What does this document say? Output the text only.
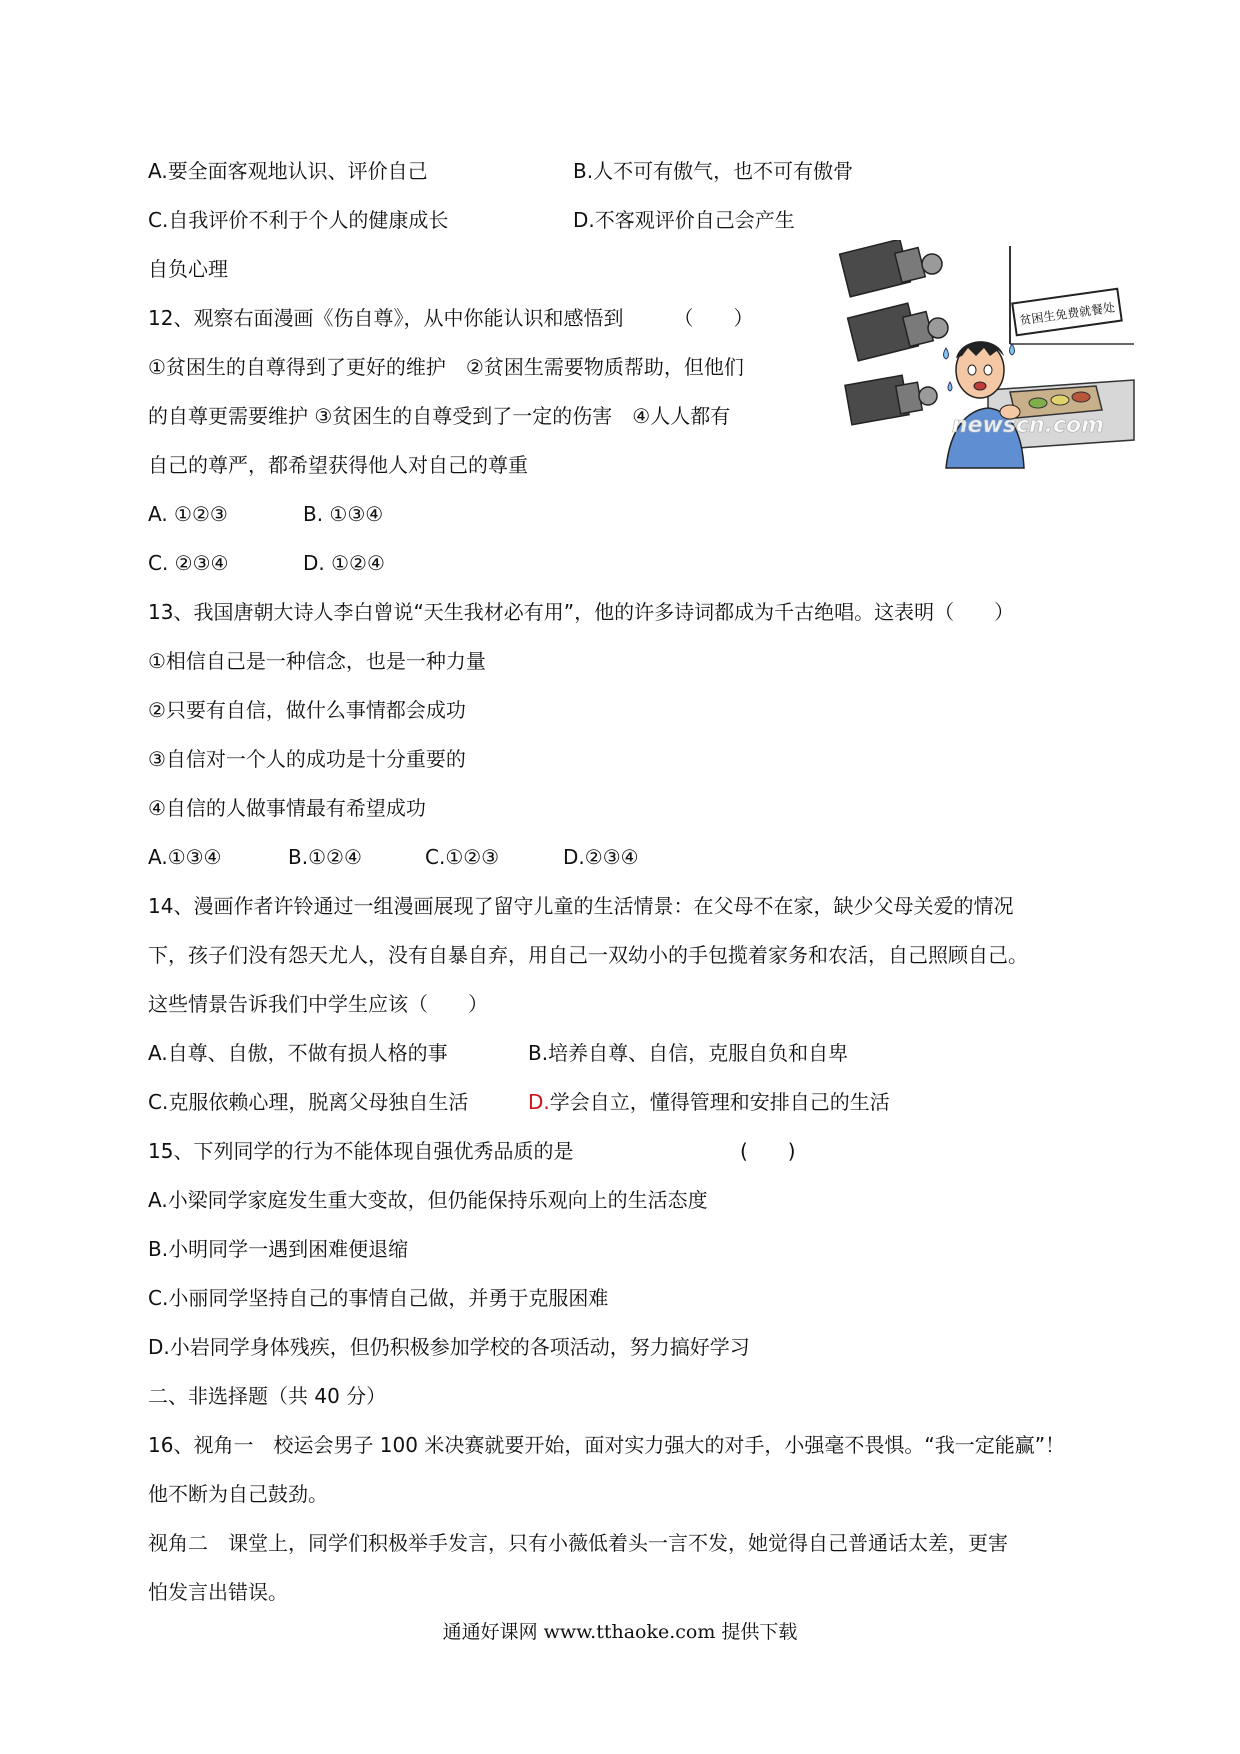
A.要全面客观地认识、评价自己	B.人不可有傲气，也不可有傲骨
C.自我评价不利于个人的健康成长	D.不客观评价自己会产生
自负心理
12、观察右面漫画《伤自尊》，从中你能认识和感悟到　　　（　　）
①贫困生的自尊得到了更好的维护　②贫困生需要物质帮助，但他们
的自尊更需要维护 ③贫困生的自尊受到了一定的伤害　④人人都有
自己的尊严，都希望获得他人对自己的尊重
A. ①②③	B. ①③④
C. ②③④	D. ①②④
贫困生免费就餐处
newscn.com
13、我国唐朝大诗人李白曾说“天生我材必有用”，他的许多诗词都成为千古绝唱。这表明（　　）
①相信自己是一种信念，也是一种力量
②只要有自信，做什么事情都会成功
③自信对一个人的成功是十分重要的
④自信的人做事情最有希望成功
A.①③④	B.①②④	C.①②③	D.②③④
14、漫画作者许铃通过一组漫画展现了留守儿童的生活情景：在父母不在家，缺少父母关爱的情况
下，孩子们没有怨天尤人，没有自暴自弃，用自己一双幼小的手包揽着家务和农活，自己照顾自己。
这些情景告诉我们中学生应该（　　）
A.自尊、自傲，不做有损人格的事	B.培养自尊、自信，克服自负和自卑
C.克服依赖心理，脱离父母独自生活	D.学会自立，懂得管理和安排自己的生活
15、下列同学的行为不能体现自强优秀品质的是	(　　)
A.小梁同学家庭发生重大变故，但仍能保持乐观向上的生活态度
B.小明同学一遇到困难便退缩
C.小丽同学坚持自己的事情自己做，并勇于克服困难
D.小岩同学身体残疾，但仍积极参加学校的各项活动，努力搞好学习
二、非选择题（共 40 分）
16、视角一　校运会男子 100 米决赛就要开始，面对实力强大的对手，小强毫不畏惧。“我一定能赢”！
他不断为自己鼓劲。
视角二　课堂上，同学们积极举手发言，只有小薇低着头一言不发，她觉得自己普通话太差，更害
怕发言出错误。
通通好课网 www.tthaoke.com 提供下载
